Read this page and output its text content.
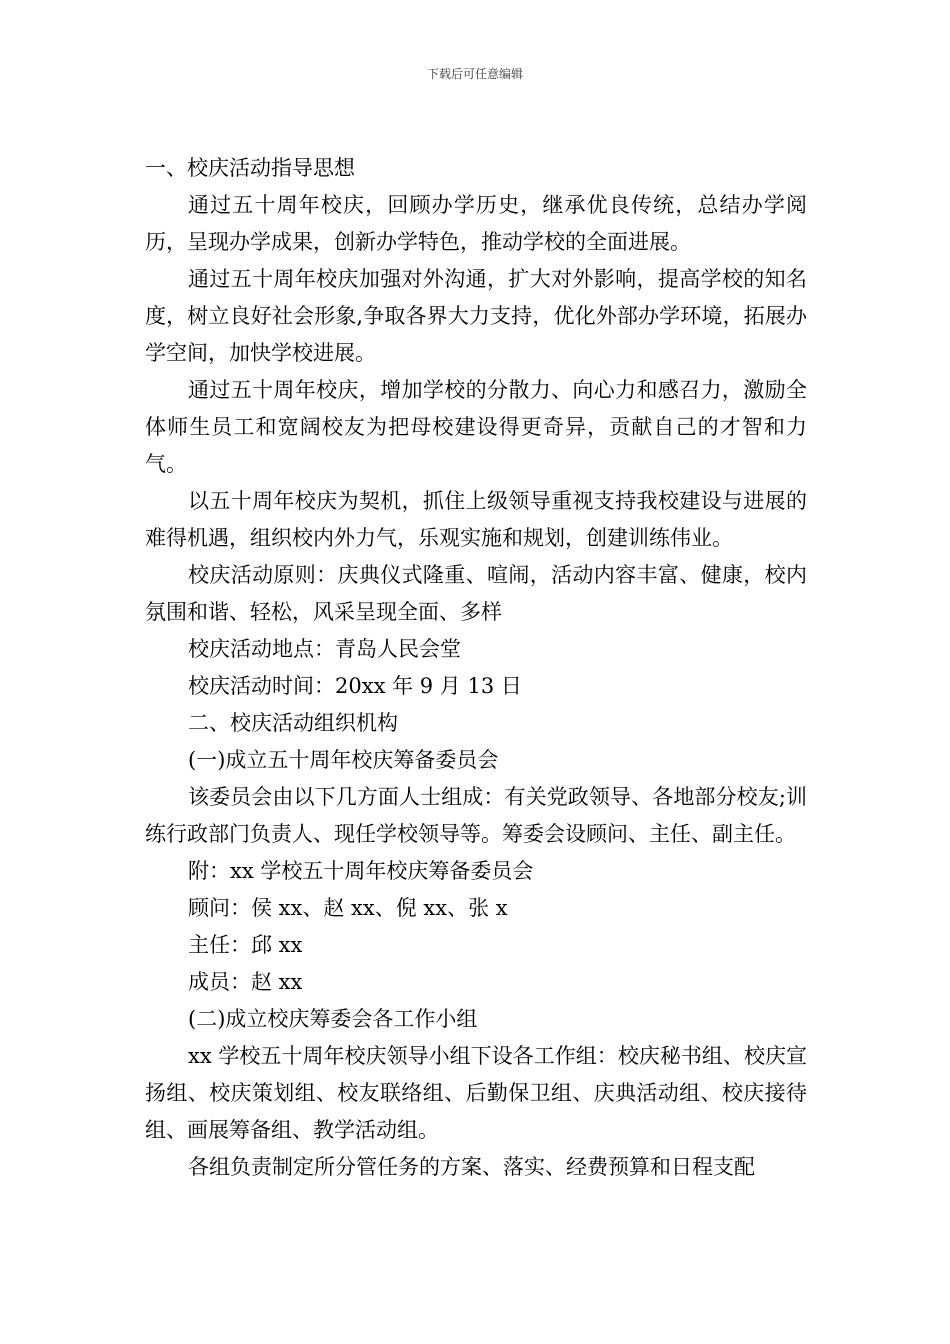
下载后可任意编辑

一、校庆活动指导思想

通过五十周年校庆，回顾办学历史，继承优良传统，总结办学阅历，呈现办学成果，创新办学特色，推动学校的全面进展。

通过五十周年校庆加强对外沟通，扩大对外影响，提高学校的知名度，树立良好社会形象,争取各界大力支持，优化外部办学环境，拓展办学空间，加快学校进展。

通过五十周年校庆，增加学校的分散力、向心力和感召力，激励全体师生员工和宽阔校友为把母校建设得更奇异，贡献自己的才智和力气。

以五十周年校庆为契机，抓住上级领导重视支持我校建设与进展的难得机遇，组织校内外力气，乐观实施和规划，创建训练伟业。

校庆活动原则：庆典仪式隆重、喧闹，活动内容丰富、健康，校内氛围和谐、轻松，风采呈现全面、多样

校庆活动地点：青岛人民会堂

校庆活动时间：20xx 年 9 月 13 日

二、校庆活动组织机构

(一)成立五十周年校庆筹备委员会

该委员会由以下几方面人士组成：有关党政领导、各地部分校友;训练行政部门负责人、现任学校领导等。筹委会设顾问、主任、副主任。

附：xx 学校五十周年校庆筹备委员会

顾问：侯 xx、赵 xx、倪 xx、张 x

主任：邱 xx

成员：赵 xx

(二)成立校庆筹委会各工作小组

xx 学校五十周年校庆领导小组下设各工作组：校庆秘书组、校庆宣扬组、校庆策划组、校友联络组、后勤保卫组、庆典活动组、校庆接待组、画展筹备组、教学活动组。

各组负责制定所分管任务的方案、落实、经费预算和日程支配
